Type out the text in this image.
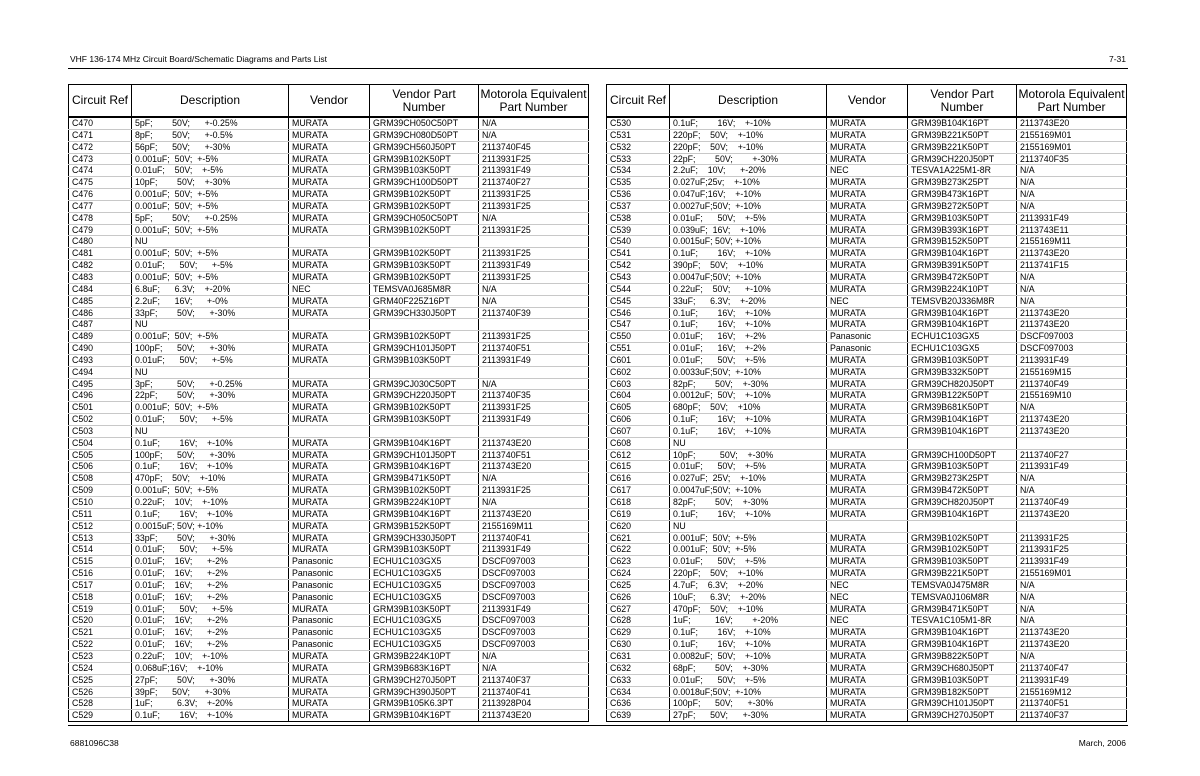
VHF 136-174 MHz Circuit Board/Schematic Diagrams and Parts List	7-31
Circuit Ref	Description	Vendor	Vendor Part Number	Motorola Equivalent Part Number
C470	5pF;        50V;      +-0.25%	MURATA	GRM39CH050C50PT	N/A
C471	8pF;        50V;      +-0.5%	MURATA	GRM39CH080D50PT	N/A
C472	56pF;      50V;      +-30%	MURATA	GRM39CH560J50PT	2113740F45
C473	0.001uF;  50V;  +-5%	MURATA	GRM39B102K50PT	2113931F25
C474	0.01uF;    50V;    +-5%	MURATA	GRM39B103K50PT	2113931F49
C475	10pF;        50V;    +-30%	MURATA	GRM39CH100D50PT	2113740F27
C476	0.001uF;  50V;  +-5%	MURATA	GRM39B102K50PT	2113931F25
C477	0.001uF;  50V;  +-5%	MURATA	GRM39B102K50PT	2113931F25
C478	5pF;        50V;      +-0.25%	MURATA	GRM39CH050C50PT	N/A
C479	0.001uF;  50V;  +-5%	MURATA	GRM39B102K50PT	2113931F25
C480	NU			
C481	0.001uF;  50V;  +-5%	MURATA	GRM39B102K50PT	2113931F25
C482	0.01uF;      50V;      +-5%	MURATA	GRM39B103K50PT	2113931F49
C483	0.001uF;  50V;  +-5%	MURATA	GRM39B102K50PT	2113931F25
C484	6.8uF;      6.3V;    +-20%	NEC	TEMSVA0J685M8R	N/A
C485	2.2uF;      16V;      +-0%	MURATA	GRM40F225Z16PT	N/A
C486	33pF;        50V;      +-30%	MURATA	GRM39CH330J50PT	2113740F39
C487	NU			
C489	0.001uF;  50V;  +-5%	MURATA	GRM39B102K50PT	2113931F25
C490	100pF;      50V;      +-30%	MURATA	GRM39CH101J50PT	2113740F51
C493	0.01uF;      50V;      +-5%	MURATA	GRM39B103K50PT	2113931F49
C494	NU			
C495	3pF;          50V;      +-0.25%	MURATA	GRM39CJ030C50PT	N/A
C496	22pF;        50V;      +-30%	MURATA	GRM39CH220J50PT	2113740F35
C501	0.001uF;  50V;  +-5%	MURATA	GRM39B102K50PT	2113931F25
C502	0.01uF;      50V;      +-5%	MURATA	GRM39B103K50PT	2113931F49
C503	NU			
C504	0.1uF;        16V;    +-10%	MURATA	GRM39B104K16PT	2113743E20
C505	100pF;      50V;      +-30%	MURATA	GRM39CH101J50PT	2113740F51
C506	0.1uF;        16V;    +-10%	MURATA	GRM39B104K16PT	2113743E20
C508	470pF;    50V;    +-10%	MURATA	GRM39B471K50PT	N/A
C509	0.001uF;  50V;  +-5%	MURATA	GRM39B102K50PT	2113931F25
C510	0.22uF;    10V;    +-10%	MURATA	GRM39B224K10PT	N/A
C511	0.1uF;        16V;    +-10%	MURATA	GRM39B104K16PT	2113743E20
C512	0.0015uF; 50V; +-10%	MURATA	GRM39B152K50PT	2155169M11
C513	33pF;        50V;      +-30%	MURATA	GRM39CH330J50PT	2113740F41
C514	0.01uF;      50V;      +-5%	MURATA	GRM39B103K50PT	2113931F49
C515	0.01uF;    16V;      +-2%	Panasonic	ECHU1C103GX5	DSCF097003
C516	0.01uF;    16V;      +-2%	Panasonic	ECHU1C103GX5	DSCF097003
C517	0.01uF;    16V;      +-2%	Panasonic	ECHU1C103GX5	DSCF097003
C518	0.01uF;    16V;      +-2%	Panasonic	ECHU1C103GX5	DSCF097003
C519	0.01uF;      50V;      +-5%	MURATA	GRM39B103K50PT	2113931F49
C520	0.01uF;    16V;      +-2%	Panasonic	ECHU1C103GX5	DSCF097003
C521	0.01uF;    16V;      +-2%	Panasonic	ECHU1C103GX5	DSCF097003
C522	0.01uF;    16V;      +-2%	Panasonic	ECHU1C103GX5	DSCF097003
C523	0.22uF;    10V;    +-10%	MURATA	GRM39B224K10PT	N/A
C524	0.068uF;16V;    +-10%	MURATA	GRM39B683K16PT	N/A
C525	27pF;        50V;      +-30%	MURATA	GRM39CH270J50PT	2113740F37
C526	39pF;      50V;      +-30%	MURATA	GRM39CH390J50PT	2113740F41
C528	1uF;          6.3V;    +-20%	MURATA	GRM39B105K6.3PT	2113928P04
C529	0.1uF;        16V;    +-10%	MURATA	GRM39B104K16PT	2113743E20
Circuit Ref	Description	Vendor	Vendor Part Number	Motorola Equivalent Part Number
C530	0.1uF;        16V;    +-10%	MURATA	GRM39B104K16PT	2113743E20
C531	220pF;    50V;    +-10%	MURATA	GRM39B221K50PT	2155169M01
C532	220pF;    50V;    +-10%	MURATA	GRM39B221K50PT	2155169M01
C533	22pF;        50V;        +-30%	MURATA	GRM39CH220J50PT	2113740F35
C534	2.2uF;    10V;      +-20%	NEC	TESVA1A225M1-8R	N/A
C535	0.027uF;25v;    +-10%	MURATA	GRM39B273K25PT	N/A
C536	0.047uF;16V;    +-10%	MURATA	GRM39B473K16PT	N/A
C537	0.0027uF;50V;  +-10%	MURATA	GRM39B272K50PT	N/A
C538	0.01uF;      50V;    +-5%	MURATA	GRM39B103K50PT	2113931F49
C539	0.039uF;  16V;    +-10%	MURATA	GRM39B393K16PT	2113743E11
C540	0.0015uF; 50V; +-10%	MURATA	GRM39B152K50PT	2155169M11
C541	0.1uF;        16V;    +-10%	MURATA	GRM39B104K16PT	2113743E20
C542	390pF;    50V;    +-10%	MURATA	GRM39B391K50PT	2113741F15
C543	0.0047uF;50V;  +-10%	MURATA	GRM39B472K50PT	N/A
C544	0.22uF;    50V;      +-10%	MURATA	GRM39B224K10PT	N/A
C545	33uF;      6.3V;    +-20%	NEC	TEMSVB20J336M8R	N/A
C546	0.1uF;        16V;    +-10%	MURATA	GRM39B104K16PT	2113743E20
C547	0.1uF;        16V;    +-10%	MURATA	GRM39B104K16PT	2113743E20
C550	0.01uF;      16V;    +-2%	Panasonic	ECHU1C103GX5	DSCF097003
C551	0.01uF;      16V;    +-2%	Panasonic	ECHU1C103GX5	DSCF097003
C601	0.01uF;      50V;    +-5%	MURATA	GRM39B103K50PT	2113931F49
C602	0.0033uF;50V;  +-10%	MURATA	GRM39B332K50PT	2155169M15
C603	82pF;        50V;    +-30%	MURATA	GRM39CH820J50PT	2113740F49
C604	0.0012uF;  50V;    +-10%	MURATA	GRM39B122K50PT	2155169M10
C605	680pF;    50V;    +10%	MURATA	GRM39B681K50PT	N/A
C606	0.1uF;        16V;    +-10%	MURATA	GRM39B104K16PT	2113743E20
C607	0.1uF;        16V;    +-10%	MURATA	GRM39B104K16PT	2113743E20
C608	NU			
C612	10pF;          50V;    +-30%	MURATA	GRM39CH100D50PT	2113740F27
C615	0.01uF;      50V;    +-5%	MURATA	GRM39B103K50PT	2113931F49
C616	0.027uF;  25V;    +-10%	MURATA	GRM39B273K25PT	N/A
C617	0.0047uF;50V;  +-10%	MURATA	GRM39B472K50PT	N/A
C618	82pF;        50V;    +-30%	MURATA	GRM39CH820J50PT	2113740F49
C619	0.1uF;        16V;    +-10%	MURATA	GRM39B104K16PT	2113743E20
C620	NU			
C621	0.001uF;  50V;  +-5%	MURATA	GRM39B102K50PT	2113931F25
C622	0.001uF;  50V;  +-5%	MURATA	GRM39B102K50PT	2113931F25
C623	0.01uF;      50V;    +-5%	MURATA	GRM39B103K50PT	2113931F49
C624	220pF;    50V;    +-10%	MURATA	GRM39B221K50PT	2155169M01
C625	4.7uF;    6.3V;    +-20%	NEC	TEMSVA0J475M8R	N/A
C626	10uF;      6.3V;    +-20%	NEC	TEMSVA0J106M8R	N/A
C627	470pF;    50V;    +-10%	MURATA	GRM39B471K50PT	N/A
C628	1uF;          16V;        +-20%	NEC	TESVA1C105M1-8R	N/A
C629	0.1uF;        16V;    +-10%	MURATA	GRM39B104K16PT	2113743E20
C630	0.1uF;        16V;    +-10%	MURATA	GRM39B104K16PT	2113743E20
C631	0.0082uF;  50V;    +-10%	MURATA	GRM39B822K50PT	N/A
C632	68pF;        50V;    +-30%	MURATA	GRM39CH680J50PT	2113740F47
C633	0.01uF;      50V;    +-5%	MURATA	GRM39B103K50PT	2113931F49
C634	0.0018uF;50V;  +-10%	MURATA	GRM39B182K50PT	2155169M12
C636	100pF;      50V;      +-30%	MURATA	GRM39CH101J50PT	2113740F51
C639	27pF;      50V;      +-30%	MURATA	GRM39CH270J50PT	2113740F37
6881096C38	March, 2006
